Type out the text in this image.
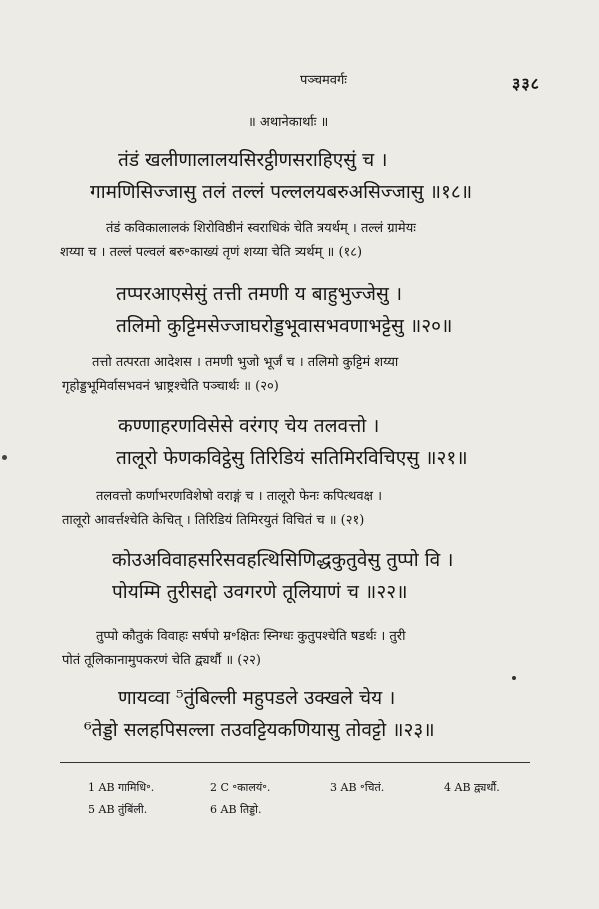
पञ्चमवर्गः	३३८
॥ अथानेकार्थाः ॥
तंडं खलीणालालयसिरट्ठीणसराहिएसुं च ।
गामणिसिज्जासु तलं तल्लं पल्ललयबरुअसिज्जासु ॥१८॥
तंडं कविकालालकं शिरोविष्ठीनं स्वराधिकं चेति त्रयर्थम् । तल्लं ग्रामेयः
शय्या च । तल्लं पल्वलं बरु॰काख्यं तृणं शय्या चेति त्र्यर्थम् ॥ (१८)
तप्परआएसेसुं तत्ती तमणी य बाहुभुज्जेसु ।
तलिमो कुट्टिमसेज्जाघरोड्डभूवासभवणाभट्टेसु ॥२०॥
तत्तो तत्परता आदेशस । तमणी भुजो भूर्जं च । तलिमो कुट्टिमं शय्या
गृहोड्डभूमिर्वासभवनं भ्राष्ट्रश्चेति पञ्चार्थः ॥ (२०)
कण्णाहरणविसेसे वरंगए चेय तलवत्तो ।
तालूरो फेणकविट्ठेसु तिरिडियं सतिमिरविचिएसु ॥२१॥
तलवत्तो कर्णाभरणविशेषो वराङ्गं च । तालूरो फेनः कपित्थवक्ष ।
तालूरो आवर्त्तश्चेति केचित् । तिरिडियं तिमिरयुतं विचितं च ॥ (२१)
कोउअविवाहसरिसवहत्थिसिणिद्धकुतुवेसु तुप्पो वि ।
पोयम्मि तुरीसद्दो उवगरणे तूलियाणं च ॥२२॥
तुप्पो कौतुकं विवाहः सर्षपो म्र॰क्षितः स्निग्धः कुतुपश्चेति षडर्थः । तुरी
पोतं तूलिकानामुपकरणं चेति द्व्यर्थौ ॥ (२२)
णायव्वा ⁵तुंबिल्ली महुपडले उक्खले चेय ।
⁶तेड्डो सलहपिसल्ला तउवट्टियकणियासु तोवट्टो ॥२३॥
1 AB गामिधि॰.	2 C ॰कालयं॰.	3 AB ॰चितं.	4 AB द्व्यर्थौ.
5 AB तुंबिंली.	6 AB तिड्डो.
